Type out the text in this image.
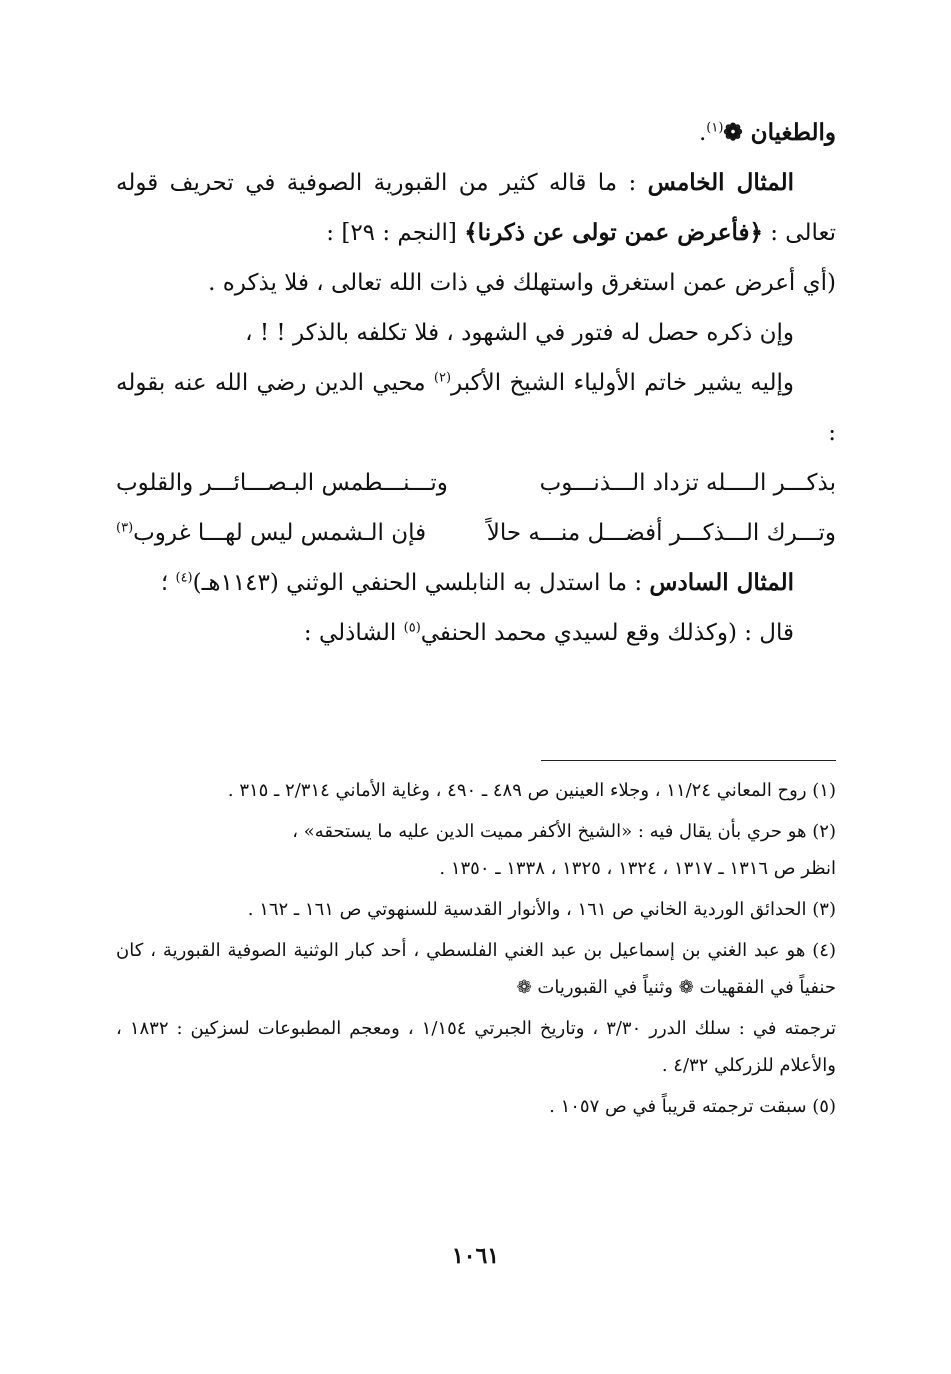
والطغيان ❁$^{(١)}$.

المثال الخامس : ما قاله كثير من القبورية الصوفية في تحريف قوله تعالى : ﴿فأعرض عمن تولى عن ذكرنا﴾ [النجم : ٢٩] :

(أي أعرض عمن استغرق واستهلك في ذات الله تعالى ، فلا يذكره .

وإن ذكره حصل له فتور في الشهود ، فلا تكلفه بالذكر ! ! ،

وإليه يشير خاتم الأولياء الشيخ الأكبر$^{(٢)}$ محيي الدين رضي الله عنه بقوله :

بذكـــر الــــله تزداد الـــذنـــوب
وتـــنـــطمس البـصـــائـــر والقلوب
وتـــرك الـــذكـــر أفضـــل منـــه حالاً
فإن الـشمس ليس لهـــا غروب$^{(٣)}$

المثال السادس : ما استدل به النابلسي الحنفي الوثني (١١٤٣هـ)$^{(٤)}$ ؛

قال : (وكذلك وقع لسيدي محمد الحنفي$^{(٥)}$ الشاذلي :

(١) روح المعاني ١١/٢٤ ، وجلاء العينين ص ٤٨٩ ـ ٤٩٠ ، وغاية الأماني ٢/٣١٤ ـ ٣١٥ .

(٢) هو حري بأن يقال فيه : «الشيخ الأكفر مميت الدين عليه ما يستحقه» ،

انظر ص ١٣١٦ ـ ١٣١٧ ، ١٣٢٤ ، ١٣٢٥ ، ١٣٣٨ ـ ١٣٥٠ .

(٣) الحدائق الوردية الخاني ص ١٦١ ، والأنوار القدسية للسنهوتي ص ١٦١ ـ ١٦٢ .

(٤) هو عبد الغني بن إسماعيل بن عبد الغني الفلسطي ، أحد كبار الوثنية الصوفية القبورية ، كان حنفياً في الفقهيات ❁ وثنياً في القبوريات ❁

ترجمته في : سلك الدرر ٣/٣٠ ، وتاريخ الجبرتي ١/١٥٤ ، ومعجم المطبوعات لسزكين : ١٨٣٢ ، والأعلام للزركلي ٤/٣٢ .

(٥) سبقت ترجمته قريباً في ص ١٠٥٧ .

١٠٦١
